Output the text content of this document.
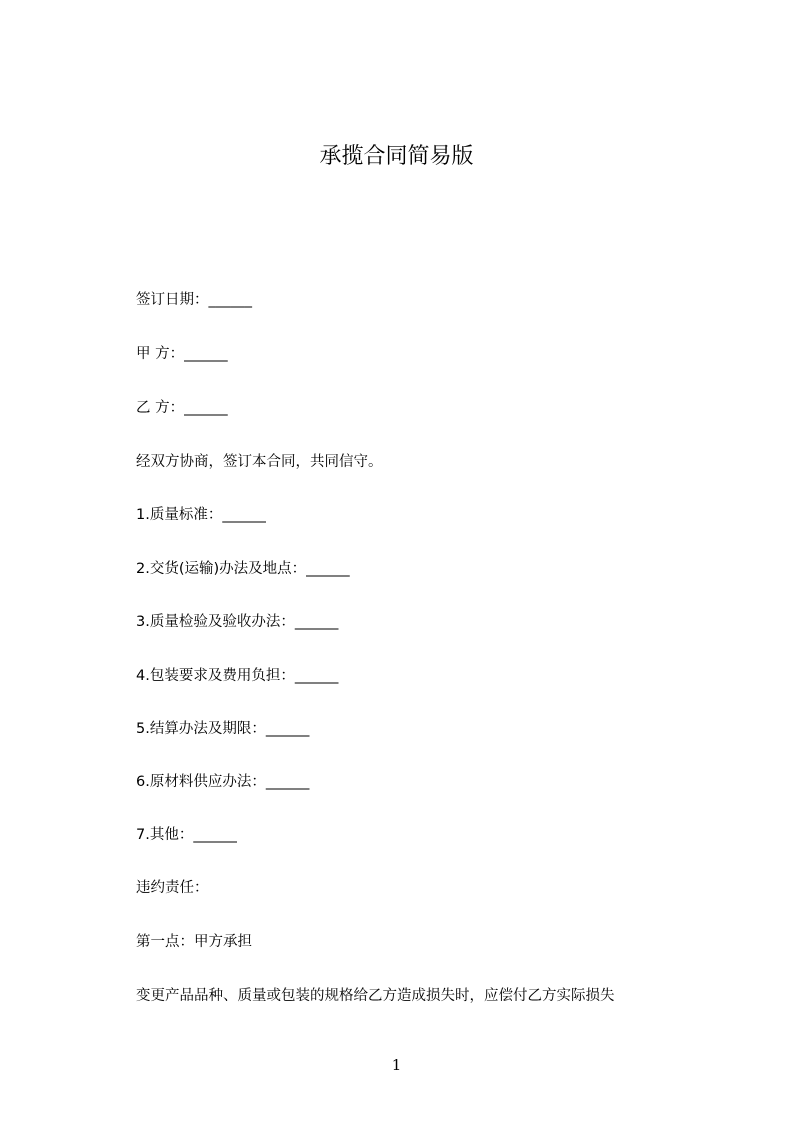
承揽合同简易版

签订日期：______

甲 方：______

乙 方：______

经双方协商，签订本合同，共同信守。

1.质量标准：______

2.交货(运输)办法及地点：______

3.质量检验及验收办法：______

4.包装要求及费用负担：______

5.结算办法及期限：______

6.原材料供应办法：______

7.其他：______

违约责任：

第一点：甲方承担

变更产品品种、质量或包装的规格给乙方造成损失时，应偿付乙方实际损失

1
